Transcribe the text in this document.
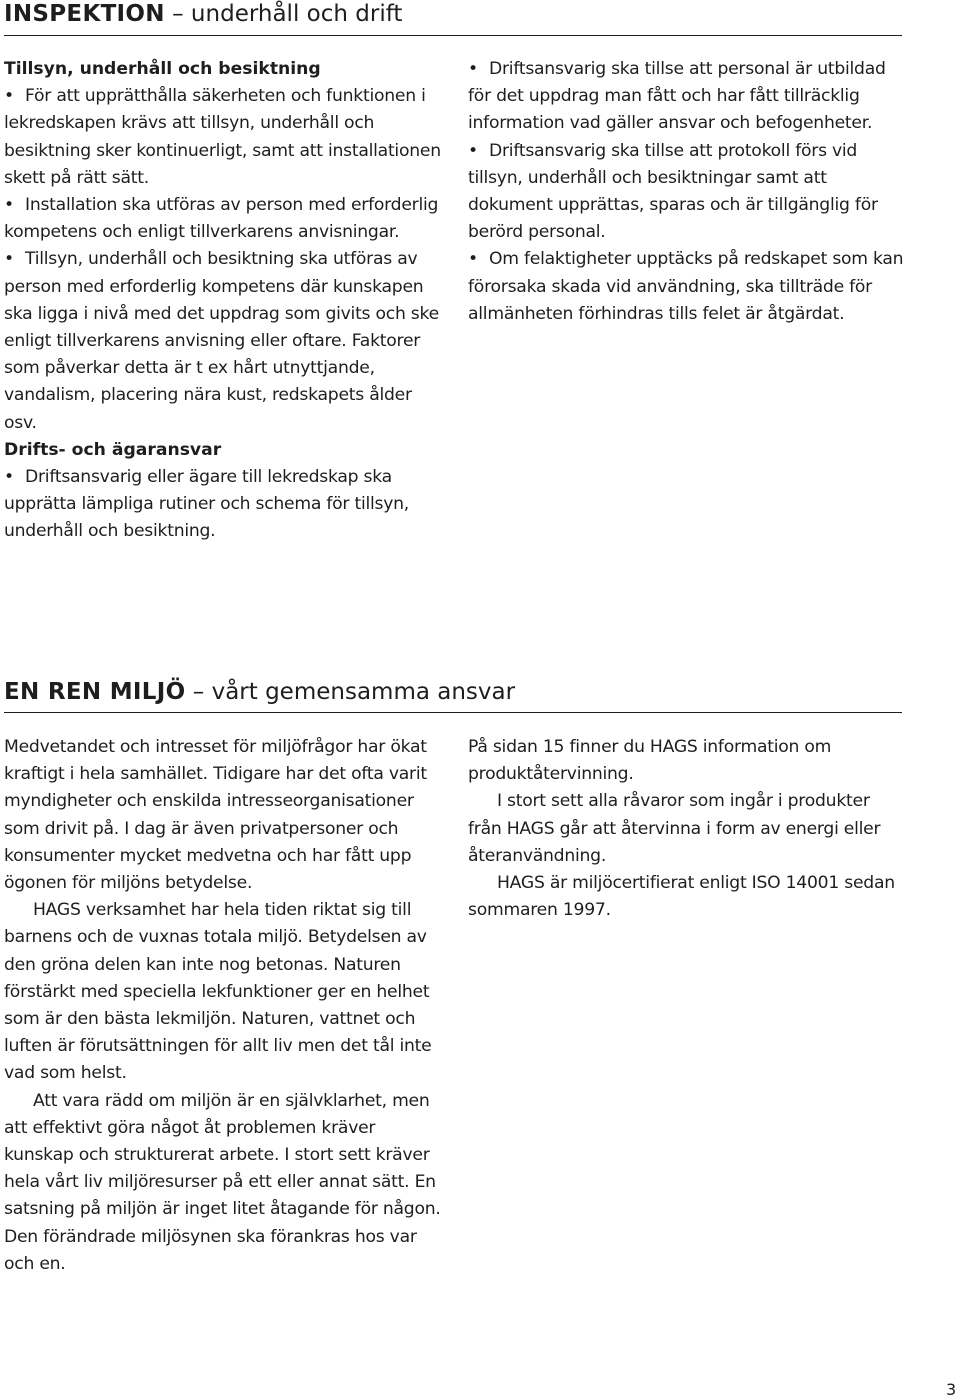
INSPEKTION – underhåll och drift

Tillsyn, underhåll och besiktning

• För att upprätthålla säkerheten och funktionen i lekredskapen krävs att tillsyn, underhåll och besiktning sker kontinuerligt, samt att installationen skett på rätt sätt.

• Installation ska utföras av person med erforderlig kompetens och enligt tillverkarens anvisningar.

• Tillsyn, underhåll och besiktning ska utföras av person med erforderlig kompetens där kunskapen ska ligga i nivå med det uppdrag som givits och ske enligt tillverkarens anvisning eller oftare. Faktorer som påverkar detta är t ex hårt utnyttjande, vandalism, placering nära kust, redskapets ålder osv.

Drifts- och ägaransvar

• Driftsansvarig eller ägare till lekredskap ska upprätta lämpliga rutiner och schema för tillsyn, underhåll och besiktning.

• Driftsansvarig ska tillse att personal är utbildad för det uppdrag man fått och har fått tillräcklig information vad gäller ansvar och befogenheter.

• Driftsansvarig ska tillse att protokoll förs vid tillsyn, underhåll och besiktningar samt att dokument upprättas, sparas och är tillgänglig för berörd personal.

• Om felaktigheter upptäcks på redskapet som kan förorsaka skada vid användning, ska tillträde för allmänheten förhindras tills felet är åtgärdat.

EN REN MILJÖ – vårt gemensamma ansvar

Medvetandet och intresset för miljöfrågor har ökat kraftigt i hela samhället. Tidigare har det ofta varit myndigheter och enskilda intresseorganisationer som drivit på. I dag är även privatpersoner och konsumenter mycket medvetna och har fått upp ögonen för miljöns betydelse.

HAGS verksamhet har hela tiden riktat sig till barnens och de vuxnas totala miljö. Betydelsen av den gröna delen kan inte nog betonas. Naturen förstärkt med speciella lekfunktioner ger en helhet som är den bästa lekmiljön. Naturen, vattnet och luften är förutsättningen för allt liv men det tål inte vad som helst.

Att vara rädd om miljön är en självklarhet, men att effektivt göra något åt problemen kräver kunskap och strukturerat arbete. I stort sett kräver hela vårt liv miljöresurser på ett eller annat sätt. En satsning på miljön är inget litet åtagande för någon. Den förändrade miljösynen ska förankras hos var och en.

På sidan 15 finner du HAGS information om produktåtervinning.

I stort sett alla råvaror som ingår i produkter från HAGS går att återvinna i form av energi eller återanvändning.

HAGS är miljöcertifierat enligt ISO 14001 sedan sommaren 1997.

3
